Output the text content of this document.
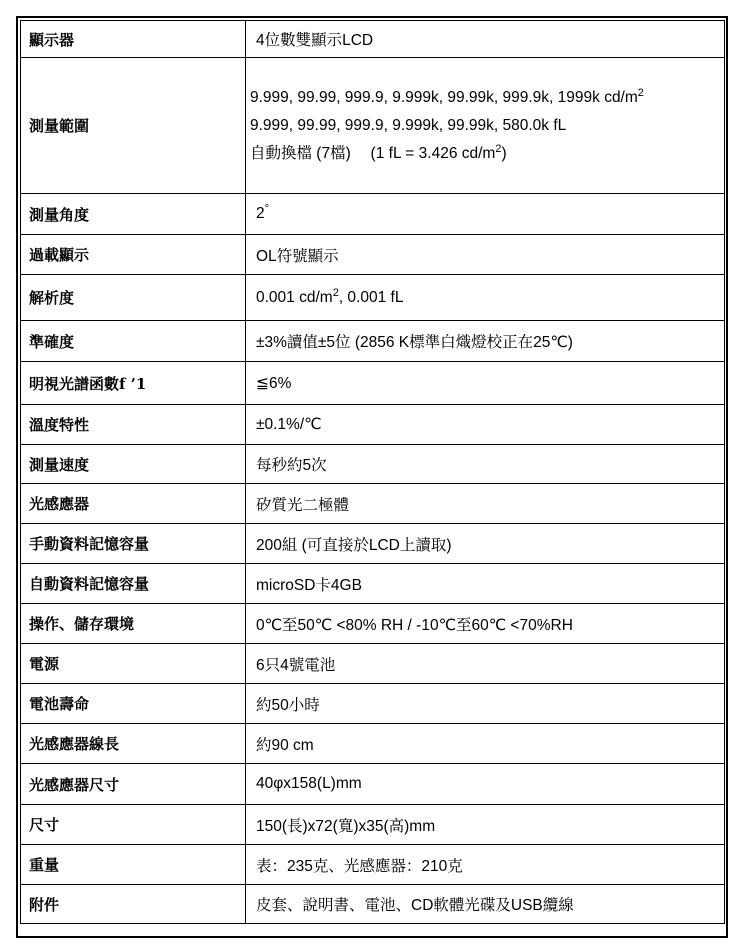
顯示器	4位數雙顯示LCD
測量範圍	9.999, 99.99, 999.9, 9.999k, 99.99k, 999.9k, 1999k $cd/m^2$
9.999, 99.99, 999.9, 9.999k, 99.99k, 580.0k fL
自動換檔 (7檔)　 (1 fL = 3.426 $cd/m^2$)

測量角度	2°
過載顯示	OL符號顯示
解析度	0.001 $cd/m^2$, 0.001 fL
準確度	±3%讀值±5位 (2856 K標準白熾燈校正在25℃)
明視光譜函數f ’1	≦6%
溫度特性	±0.1%/℃
測量速度	每秒約5次
光感應器	矽質光二極體
手動資料記憶容量	200組 (可直接於LCD上讀取)
自動資料記憶容量	microSD卡4GB
操作、儲存環境	0℃至50℃ <80% RH / -10℃至60℃ <70%RH
電源	6只4號電池
電池壽命	約50小時
光感應器線長	約90 cm
光感應器尺寸	40φx158(L)mm
尺寸	150(長)x72(寬)x35(高)mm
重量	表：235克、光感應器：210克
附件	皮套、說明書、電池、CD軟體光碟及USB纜線
